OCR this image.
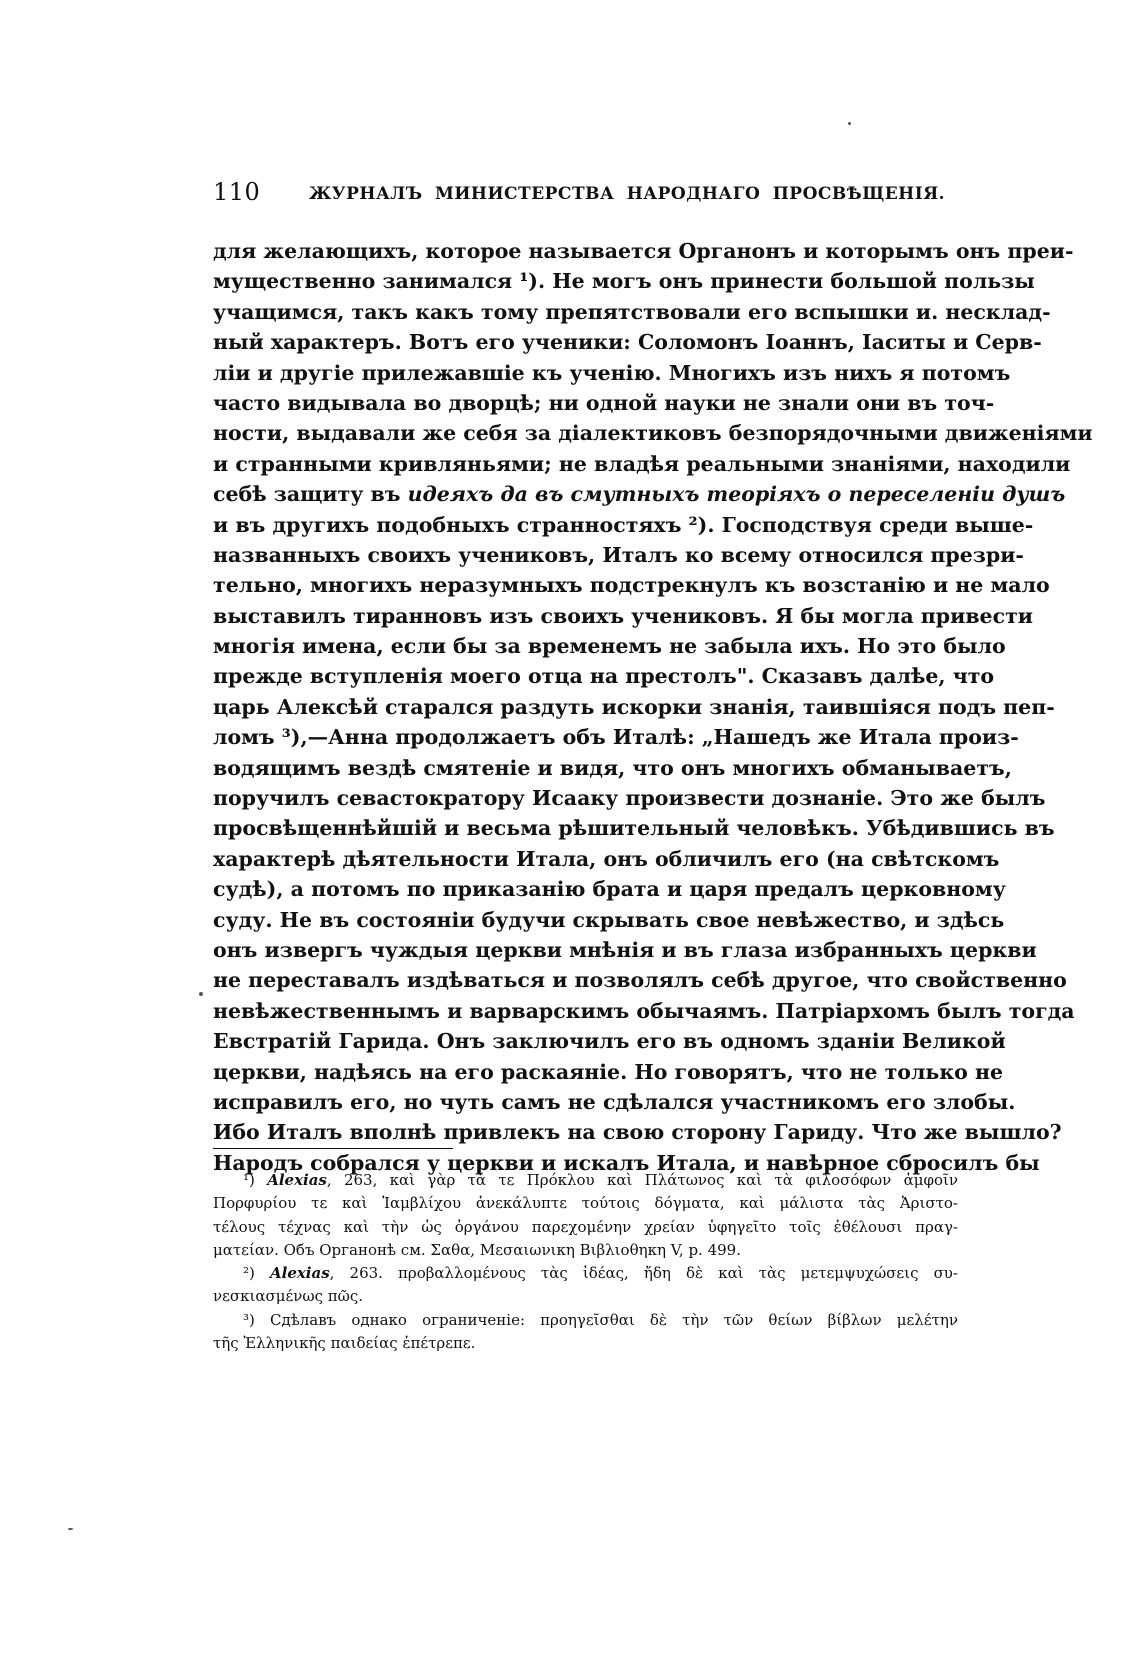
110	ЖУРНАЛЪ МИНИСТЕРСТВА НАРОДНАГО ПРОСВѢЩЕНІЯ.
для желающихъ, которое называется Органонъ и которымъ онъ преи-
мущественно занимался ¹). Не могъ онъ принести большой пользы
учащимся, такъ какъ тому препятствовали его вспышки и. несклад-
ный характеръ. Вотъ его ученики: Соломонъ Іоаннъ, Іаситы и Серв-
ліи и другіе прилежавшіе къ ученію. Многихъ изъ нихъ я потомъ
часто видывала во дворцѣ; ни одной науки не знали они въ точ-
ности, выдавали же себя за діалектиковъ безпорядочными движеніями
и странными кривляньями; не владѣя реальными знаніями, находили
себѣ защиту въ идеяхъ да въ смутныхъ теоріяхъ о переселеніи душъ
и въ другихъ подобныхъ странностяхъ ²). Господствуя среди выше-
названныхъ своихъ учениковъ, Италъ ко всему относился презри-
тельно, многихъ неразумныхъ подстрекнулъ къ возстанію и не мало
выставилъ тиранновъ изъ своихъ учениковъ. Я бы могла привести
многія имена, если бы за временемъ не забыла ихъ. Но это было
прежде вступленія моего отца на престолъ". Сказавъ далѣе, что
царь Алексѣй старался раздуть искорки знанія, таившіяся подъ пеп-
ломъ ³),—Анна продолжаетъ объ Италѣ: „Нашедъ же Итала произ-
водящимъ вездѣ смятеніе и видя, что онъ многихъ обманываетъ,
поручилъ севастократору Исааку произвести дознаніе. Это же былъ
просвѣщеннѣйшій и весьма рѣшительный человѣкъ. Убѣдившись въ
характерѣ дѣятельности Итала, онъ обличилъ его (на свѣтскомъ
судѣ), а потомъ по приказанію брата и царя предалъ церковному
суду. Не въ состояніи будучи скрывать свое невѣжество, и здѣсь
онъ извергъ чуждыя церкви мнѣнія и въ глаза избранныхъ церкви
не переставалъ издѣваться и позволялъ себѣ другое, что свойственно
невѣжественнымъ и варварскимъ обычаямъ. Патріархомъ былъ тогда
Евстратій Гарида. Онъ заключилъ его въ одномъ зданіи Великой
церкви, надѣясь на его раскаяніе. Но говорятъ, что не только не
исправилъ его, но чуть самъ не сдѣлался участникомъ его злобы.
Ибо Италъ вполнѣ привлекъ на свою сторону Гариду. Что же вышло?
Народъ собрался у церкви и искалъ Итала, и навѣрное сбросилъ бы
¹) Alexias, 263, καὶ γὰρ τά τε Πρόκλου καὶ Πλάτωνος καὶ τὰ φιλοσόφων ἀμφοῖν
Πορφυρίου τε καὶ Ἰαμβλίχου ἀνεκάλυπτε τούτοις δόγματα, καὶ μάλιστα τὰς Ἀριστο-
τέλους τέχνας καὶ τὴν ὡς ὀργάνου παρεχομένην χρείαν ὑφηγεῖτο τοῖς ἐθέλουσι πραγ-
ματείαν. Объ Органонѣ см. Σαθα, Μεσαιωνικη Βιβλιοθηκη V, p. 499.
²) Alexias, 263. προβαλλομένους τὰς ἰδέας, ἤδη δὲ καὶ τὰς μετεμψυχώσεις συ-
νεσκιασμένως πῶς.
³) Сдѣлавъ однако ограниченіе: προηγεῖσθαι δὲ τὴν τῶν θείων βίβλων μελέτην
τῆς Ἑλληνικῆς παιδείας ἐπέτρεπε.
